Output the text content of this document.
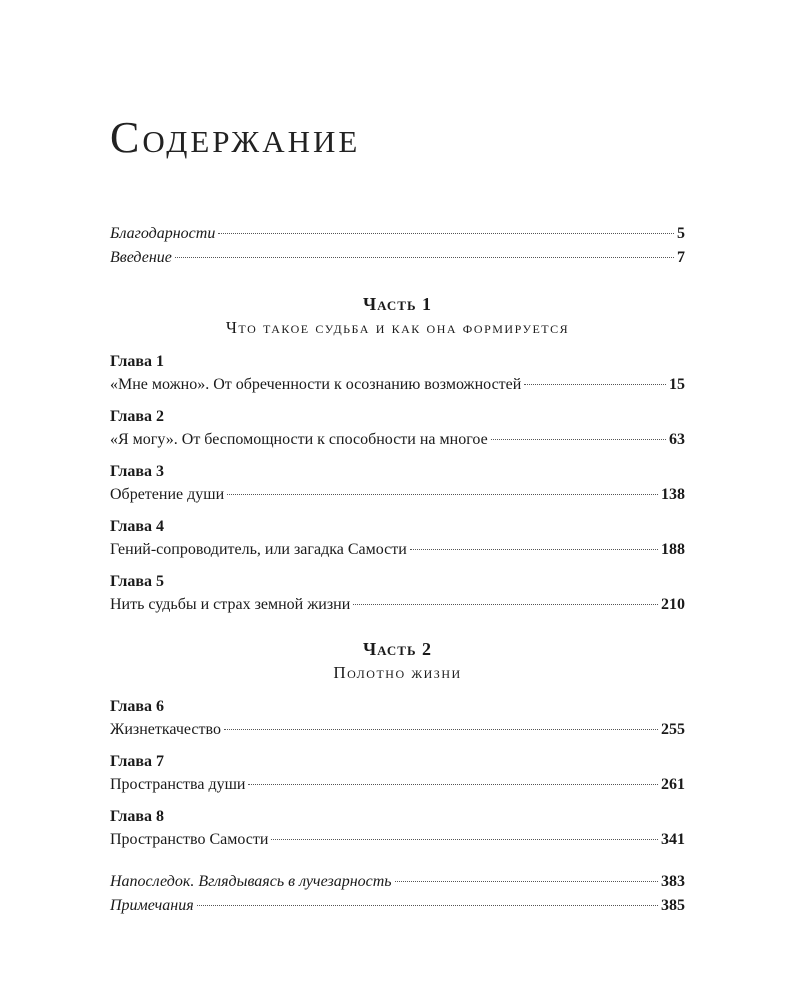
Содержание
Благодарности	5
Введение	7
Часть 1
Что такое судьба и как она формируется
Глава 1
«Мне можно». От обреченности к осознанию возможностей	15
Глава 2
«Я могу». От беспомощности к способности на многое	63
Глава 3
Обретение души	138
Глава 4
Гений-сопроводитель, или загадка Самости	188
Глава 5
Нить судьбы и страх земной жизни	210
Часть 2
Полотно жизни
Глава 6
Жизнеткачество	255
Глава 7
Пространства души	261
Глава 8
Пространство Самости	341
Напоследок. Вглядываясь в лучезарность	383
Примечания	385
